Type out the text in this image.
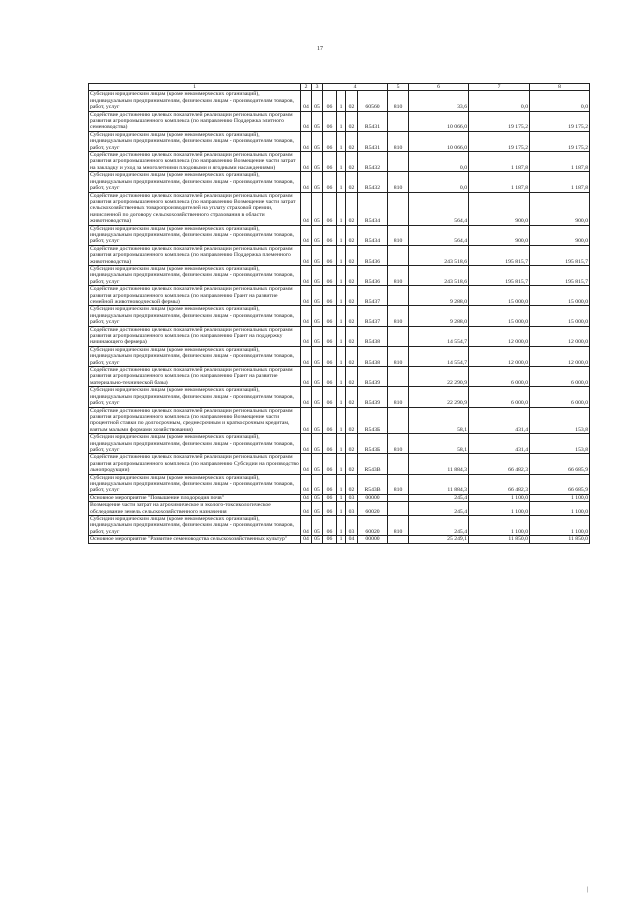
17
1	2	3	4				5	6	7	8
Субсидии юридическим лицам (кроме некоммерческих организаций), индивидуальным предпринимателям, физическим лицам - производителям товаров, работ, услуг	04	05	06	1	02	60560	810	33,6	0,0	0,0
Содействие достижению целевых показателей реализации региональных программ развития агропромышленного комплекса (по направлению Поддержка элитного семеноводства)	04	05	06	1	02	R5431		10 066,0	19 175,2	19 175,2
Субсидии юридическим лицам (кроме некоммерческих организаций), индивидуальным предпринимателям, физическим лицам - производителям товаров, работ, услуг	04	05	06	1	02	R5431	810	10 066,0	19 175,2	19 175,2
Содействие достижению целевых показателей реализации региональных программ развития агропромышленного комплекса (по направлению Возмещение части затрат на закладку и уход за многолетними плодовыми и ягодными насаждениями)	04	05	06	1	02	R5432		0,0	1 187,8	1 187,8
Субсидии юридическим лицам (кроме некоммерческих организаций), индивидуальным предпринимателям, физическим лицам - производителям товаров, работ, услуг	04	05	06	1	02	R5432	810	0,0	1 187,8	1 187,8
Содействие достижению целевых показателей реализации региональных программ развития агропромышленного комплекса (по направлению Возмещение части затрат сельскохозяйственных товаропроизводителей на уплату страховой премии, начисленной по договору сельскохозяйственного страхования в области животноводства)	04	05	06	1	02	R5434		564,4	900,0	900,0
Субсидии юридическим лицам (кроме некоммерческих организаций), индивидуальным предпринимателям, физическим лицам - производителям товаров, работ, услуг	04	05	06	1	02	R5434	810	564,4	900,0	900,0
Содействие достижению целевых показателей реализации региональных программ развития агропромышленного комплекса (по направлению Поддержка племенного животноводства)	04	05	06	1	02	R5436		243 518,6	195 815,7	195 815,7
Субсидии юридическим лицам (кроме некоммерческих организаций), индивидуальным предпринимателям, физическим лицам - производителям товаров, работ, услуг	04	05	06	1	02	R5436	810	243 518,6	195 815,7	195 815,7
Содействие достижению целевых показателей реализации региональных программ развития агропромышленного комплекса (по направлению Грант на развитие семейной животноводческой фермы)	04	05	06	1	02	R5437		9 288,0	15 000,0	15 000,0
Субсидии юридическим лицам (кроме некоммерческих организаций), индивидуальным предпринимателям, физическим лицам - производителям товаров, работ, услуг	04	05	06	1	02	R5437	810	9 288,0	15 000,0	15 000,0
Содействие достижению целевых показателей реализации региональных программ развития агропромышленного комплекса (по направлению Грант на поддержку начинающего фермера)	04	05	06	1	02	R5438		14 554,7	12 000,0	12 000,0
Субсидии юридическим лицам (кроме некоммерческих организаций), индивидуальным предпринимателям, физическим лицам - производителям товаров, работ, услуг	04	05	06	1	02	R5438	810	14 554,7	12 000,0	12 000,0
Содействие достижению целевых показателей реализации региональных программ развития агропромышленного комплекса (по направлению Грант на развитие материально-технической базы)	04	05	06	1	02	R5439		22 290,9	6 000,0	6 000,0
Субсидии юридическим лицам (кроме некоммерческих организаций), индивидуальным предпринимателям, физическим лицам - производителям товаров, работ, услуг	04	05	06	1	02	R5439	810	22 290,9	6 000,0	6 000,0
Содействие достижению целевых показателей реализации региональных программ развития агропромышленного комплекса (по направлению Возмещение части процентной ставки по долгосрочным, среднесрочным и краткосрочным кредитам, взятым малыми формами хозяйствования)	04	05	06	1	02	R543Б		58,1	431,4	153,8
Субсидии юридическим лицам (кроме некоммерческих организаций), индивидуальным предпринимателям, физическим лицам - производителям товаров, работ, услуг	04	05	06	1	02	R543Б	810	58,1	431,4	153,8
Содействие достижению целевых показателей реализации региональных программ развития агропромышленного комплекса (по направлению Субсидии на производство льнопродукции)	04	05	06	1	02	R543В		11 884,3	66 482,3	66 685,9
Субсидии юридическим лицам (кроме некоммерческих организаций), индивидуальным предпринимателям, физическим лицам - производителям товаров, работ, услуг	04	05	06	1	02	R543В	810	11 884,3	66 482,3	66 685,9
Основное мероприятие "Повышение плодородия почв"	04	05	06	1	03	00000		245,4	1 100,0	1 100,0
Возмещение части затрат на агрохимическое и эколого-токсикологическое обследование земель сельскохозяйственного назначения	04	05	06	1	03	60020		245,4	1 100,0	1 100,0
Субсидии юридическим лицам (кроме некоммерческих организаций), индивидуальным предпринимателям, физическим лицам - производителям товаров, работ, услуг	04	05	06	1	03	60020	810	245,4	1 100,0	1 100,0
Основное мероприятие "Развитие семеноводства сельскохозяйственных культур"	04	05	06	1	04	00000		25 249,1	11 850,0	11 850,0
|
